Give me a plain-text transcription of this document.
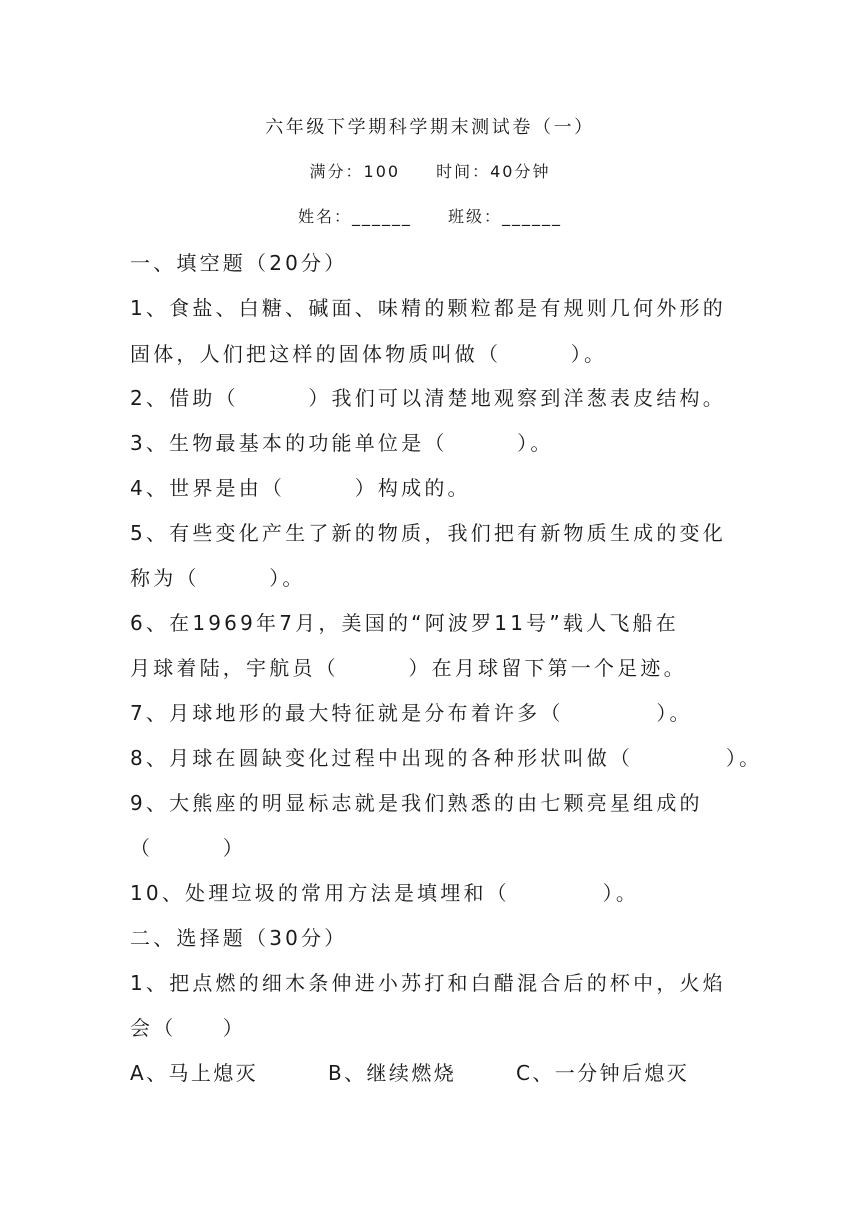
六年级下学期科学期末测试卷（一）
满分：100　　时间：40分钟
姓名：______　　班级：______
一、填空题（20分）
1、食盐、白糖、碱面、味精的颗粒都是有规则几何外形的
固体，人们把这样的固体物质叫做（　　　）。
2、借助（　　　）我们可以清楚地观察到洋葱表皮结构。
3、生物最基本的功能单位是（　　　）。
4、世界是由（　　　）构成的。
5、有些变化产生了新的物质，我们把有新物质生成的变化
称为（　　　）。
6、在1969年7月，美国的“阿波罗11号”载人飞船在
月球着陆，宇航员（　　　）在月球留下第一个足迹。
7、月球地形的最大特征就是分布着许多（　　　　）。
8、月球在圆缺变化过程中出现的各种形状叫做（　　　　）。
9、大熊座的明显标志就是我们熟悉的由七颗亮星组成的
（　　　）
10、处理垃圾的常用方法是填埋和（　　　　）。
二、选择题（30分）
1、把点燃的细木条伸进小苏打和白醋混合后的杯中，火焰
会（　　）
A、马上熄灭	B、继续燃烧	C、一分钟后熄灭
